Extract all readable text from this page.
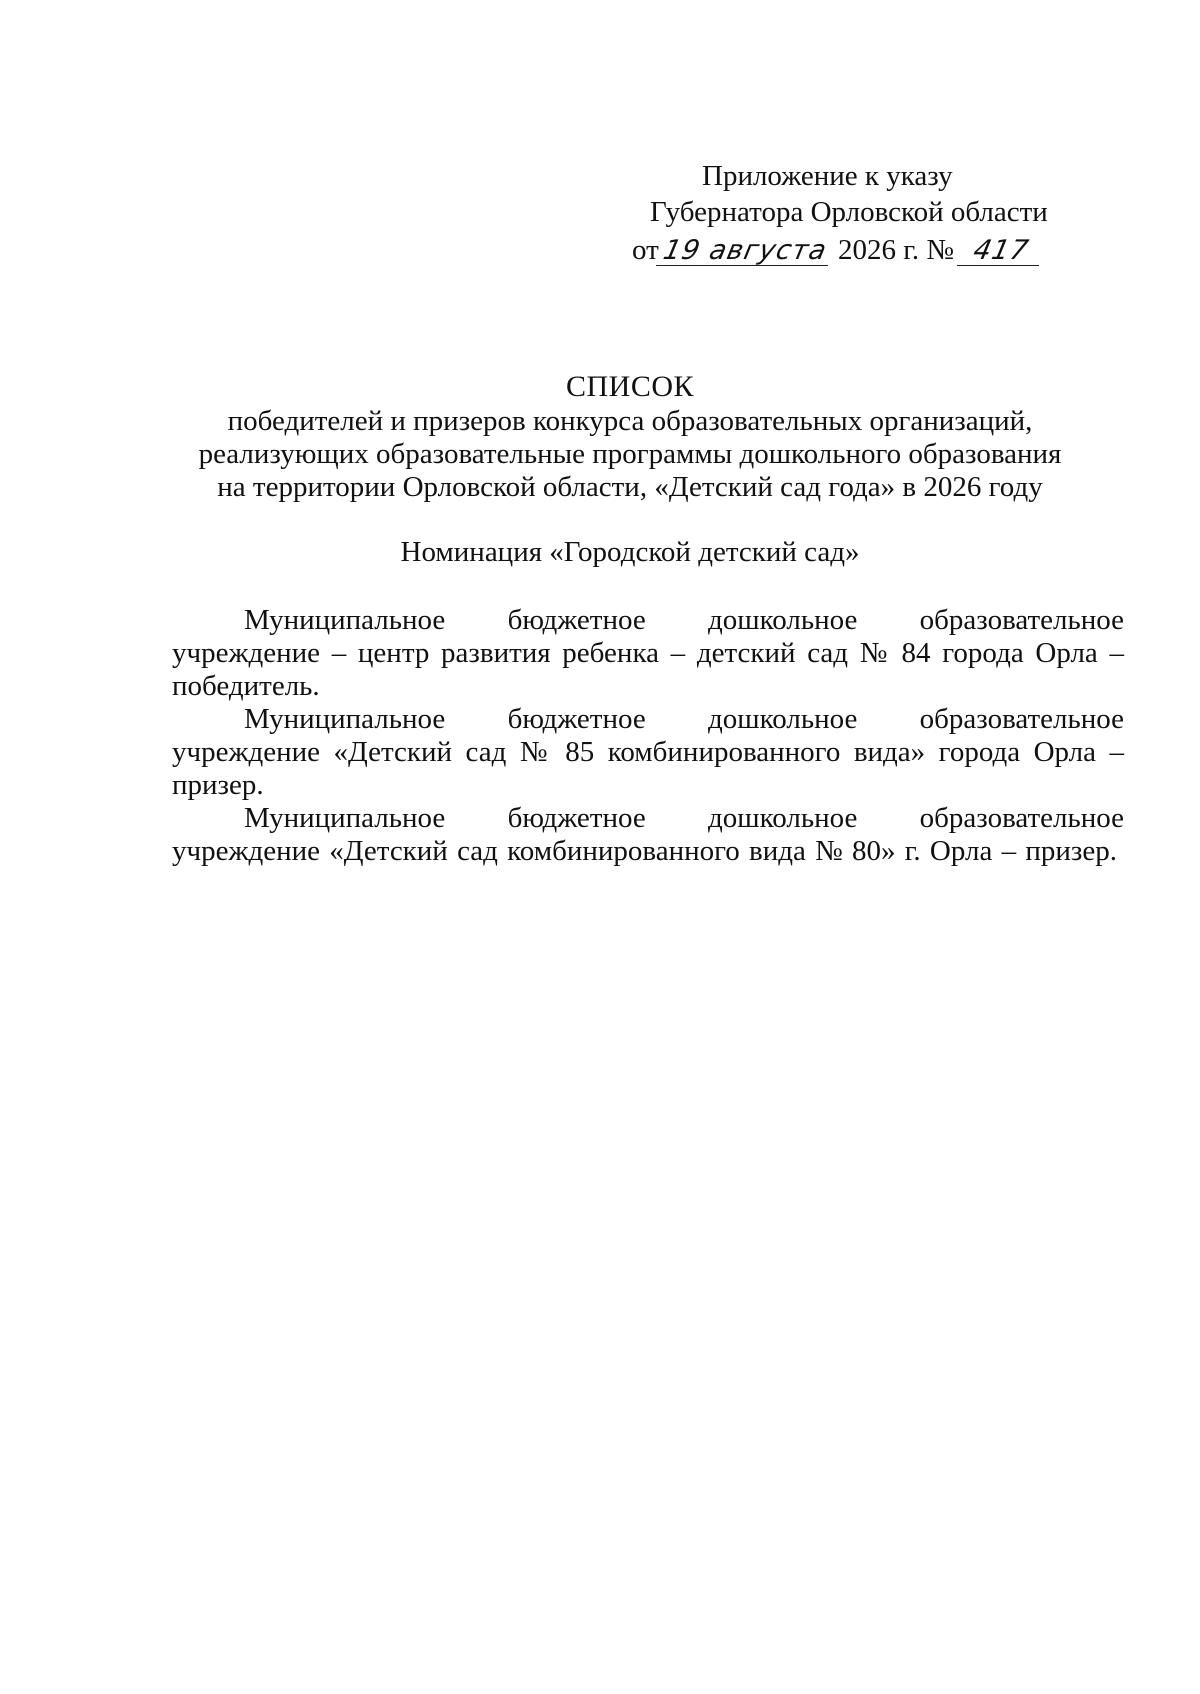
Приложение к указу
Губернатора Орловской области
от19 августа 2026 г. № 417
СПИСОК
победителей и призеров конкурса образовательных организаций,
реализующих образовательные программы дошкольного образования
на территории Орловской области, «Детский сад года» в 2026 году
Номинация «Городской детский сад»
Муниципальное бюджетное дошкольное образовательное
учреждение – центр развития ребенка – детский сад № 84 города Орла –
победитель.
Муниципальное бюджетное дошкольное образовательное
учреждение «Детский сад № 85 комбинированного вида» города Орла –
призер.
Муниципальное бюджетное дошкольное образовательное
учреждение «Детский сад комбинированного вида № 80» г. Орла – призер.
